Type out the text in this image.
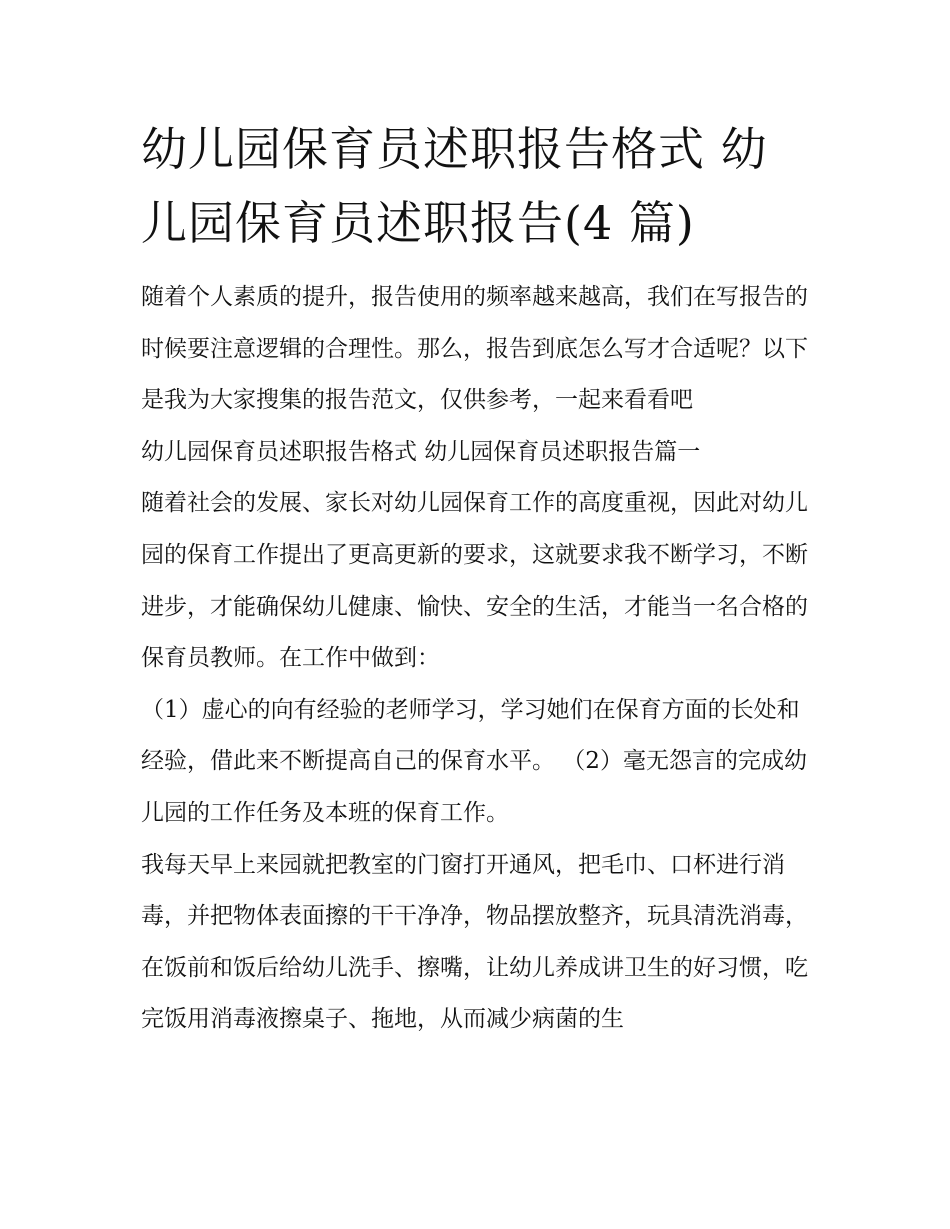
幼儿园保育员述职报告格式 幼儿园保育员述职报告(4 篇)

随着个人素质的提升，报告使用的频率越来越高，我们在写报告的时候要注意逻辑的合理性。那么，报告到底怎么写才合适呢？以下是我为大家搜集的报告范文，仅供参考，一起来看看吧

幼儿园保育员述职报告格式 幼儿园保育员述职报告篇一

随着社会的发展、家长对幼儿园保育工作的高度重视，因此对幼儿园的保育工作提出了更高更新的要求，这就要求我不断学习，不断进步，才能确保幼儿健康、愉快、安全的生活，才能当一名合格的保育员教师。在工作中做到：

（1）虚心的向有经验的老师学习，学习她们在保育方面的长处和经验，借此来不断提高自己的保育水平。 （2）毫无怨言的完成幼儿园的工作任务及本班的保育工作。

我每天早上来园就把教室的门窗打开通风，把毛巾、口杯进行消毒，并把物体表面擦的干干净净，物品摆放整齐，玩具清洗消毒，在饭前和饭后给幼儿洗手、擦嘴，让幼儿养成讲卫生的好习惯，吃完饭用消毒液擦桌子、拖地，从而减少病菌的生
